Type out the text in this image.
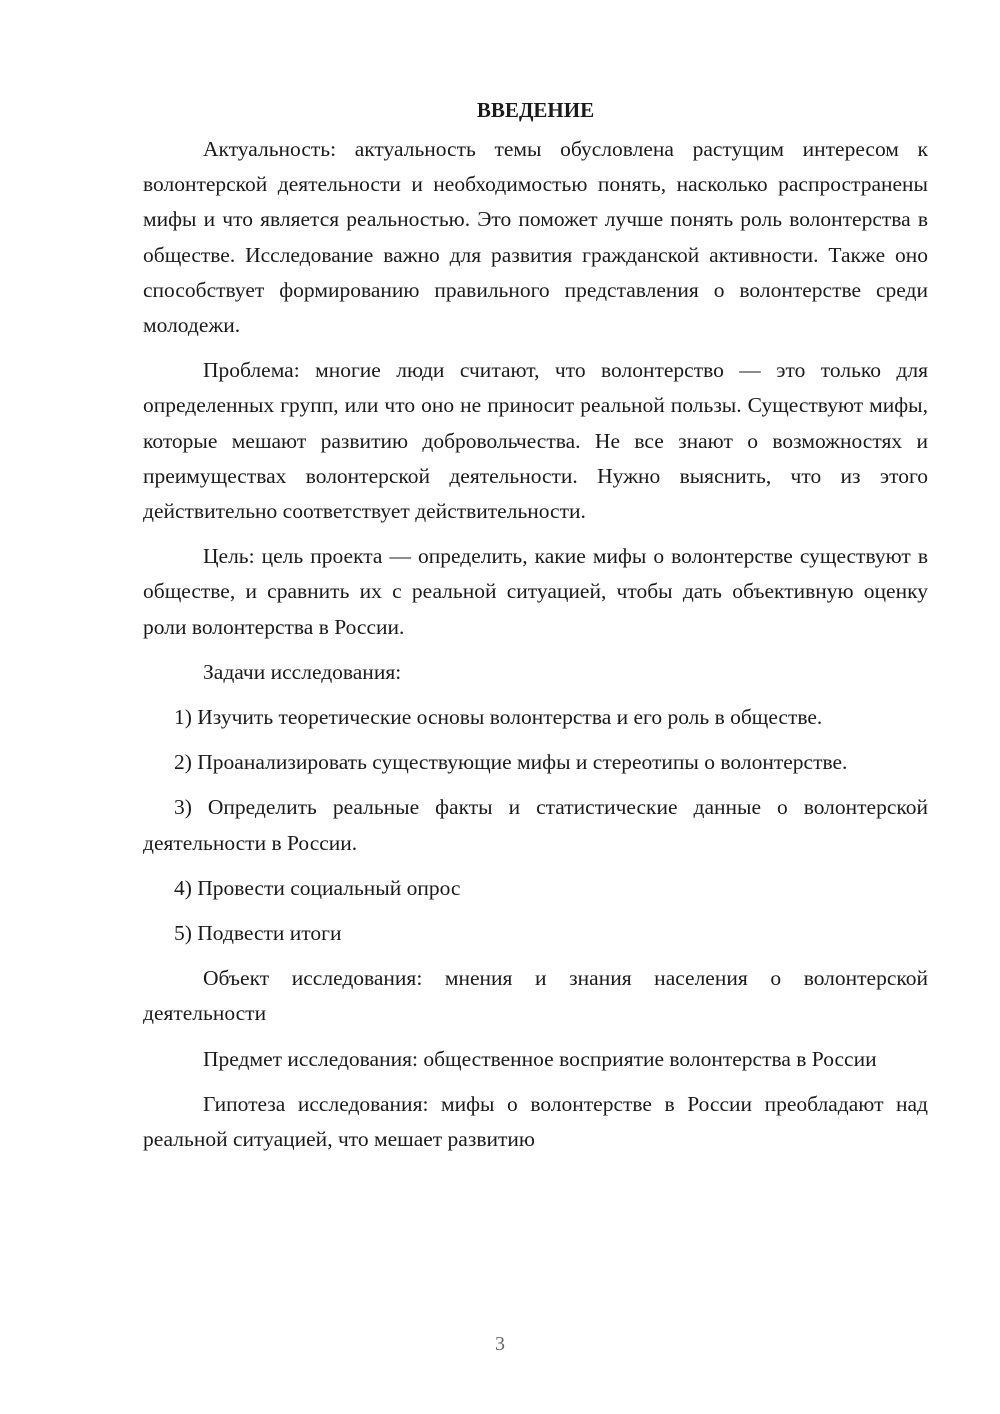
ВВЕДЕНИЕ

Актуальность: актуальность темы обусловлена растущим интересом к волонтерской деятельности и необходимостью понять, насколько распространены мифы и что является реальностью. Это поможет лучше понять роль волонтерства в обществе. Исследование важно для развития гражданской активности. Также оно способствует формированию правильного представления о волонтерстве среди молодежи.

Проблема: многие люди считают, что волонтерство — это только для определенных групп, или что оно не приносит реальной пользы. Существуют мифы, которые мешают развитию добровольчества. Не все знают о возможностях и преимуществах волонтерской деятельности. Нужно выяснить, что из этого действительно соответствует действительности.

Цель: цель проекта — определить, какие мифы о волонтерстве существуют в обществе, и сравнить их с реальной ситуацией, чтобы дать объективную оценку роли волонтерства в России.

Задачи исследования:

1) Изучить теоретические основы волонтерства и его роль в обществе.

2) Проанализировать существующие мифы и стереотипы о волонтерстве.

3) Определить реальные факты и статистические данные о волонтерской деятельности в России.

4) Провести социальный опрос

5) Подвести итоги

Объект исследования: мнения и знания населения о волонтерской деятельности

Предмет исследования: общественное восприятие волонтерства в России

Гипотеза исследования: мифы о волонтерстве в России преобладают над реальной ситуацией, что мешает развитию

3
